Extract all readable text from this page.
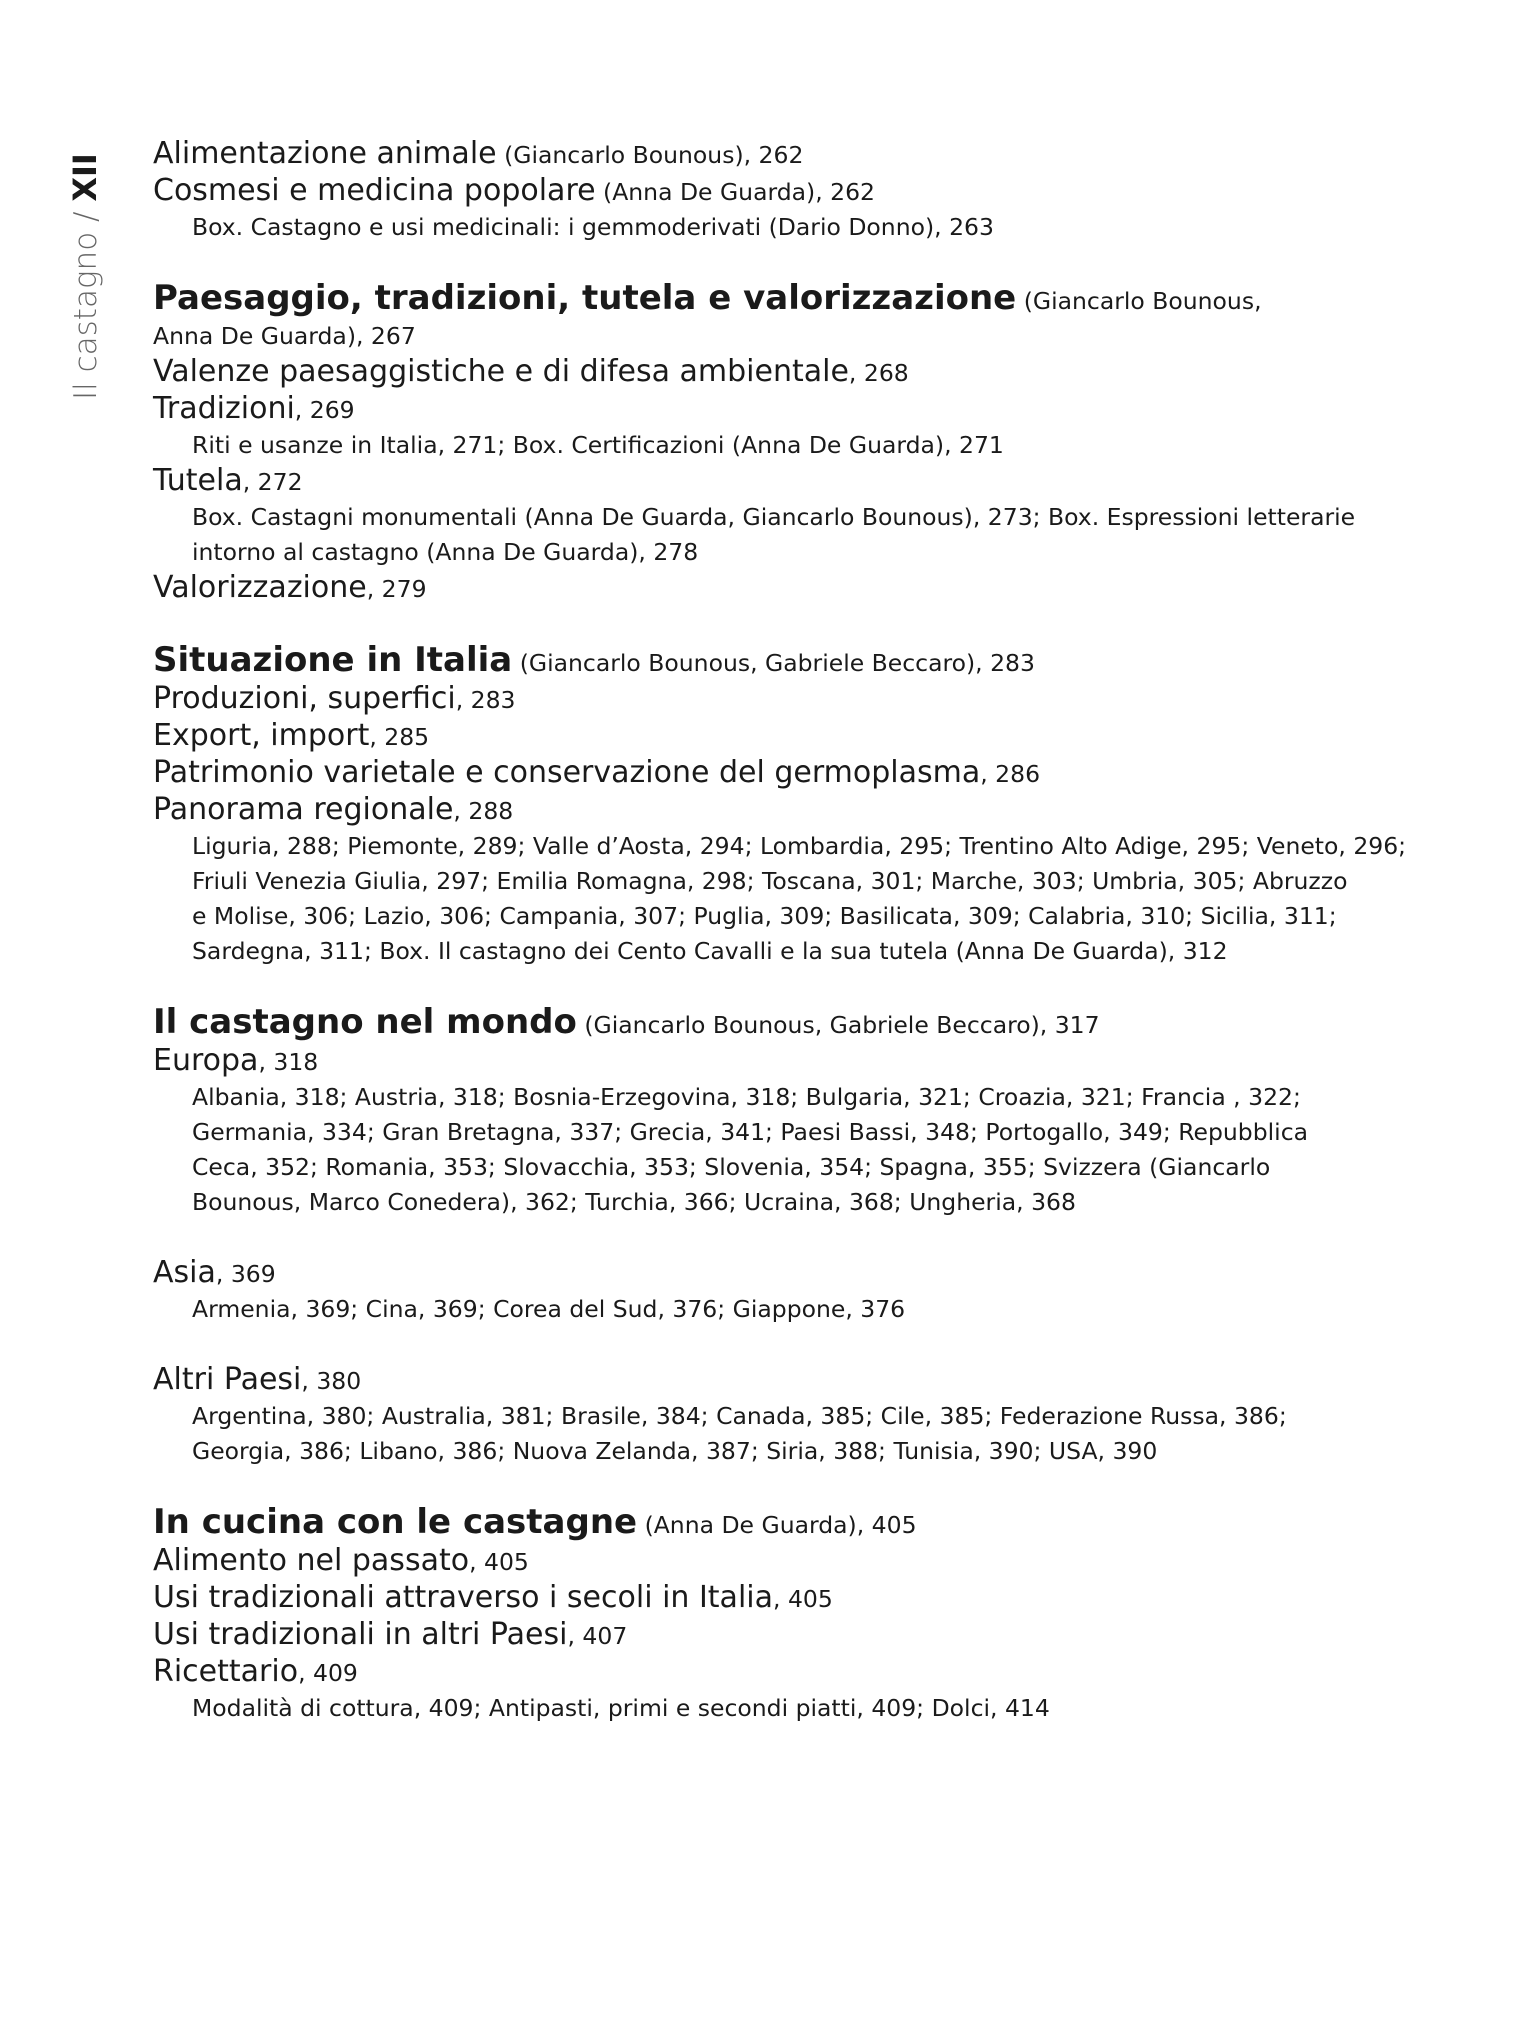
Il castagno / XII Alimentazione animale (Giancarlo Bounous), 262
Cosmesi e medicina popolare (Anna De Guarda), 262
Box. Castagno e usi medicinali: i gemmoderivati (Dario Donno), 263
Paesaggio, tradizioni, tutela e valorizzazione (Giancarlo Bounous,
Anna De Guarda), 267
Valenze paesaggistiche e di difesa ambientale, 268
Tradizioni, 269
Riti e usanze in Italia, 271; Box. Certificazioni (Anna De Guarda), 271
Tutela, 272
Box. Castagni monumentali (Anna De Guarda, Giancarlo Bounous), 273; Box. Espressioni letterarie
intorno al castagno (Anna De Guarda), 278
Valorizzazione, 279
Situazione in Italia (Giancarlo Bounous, Gabriele Beccaro), 283
Produzioni, superfici, 283
Export, import, 285
Patrimonio varietale e conservazione del germoplasma, 286
Panorama regionale, 288
Liguria, 288; Piemonte, 289; Valle d’Aosta, 294; Lombardia, 295; Trentino Alto Adige, 295; Veneto, 296;
Friuli Venezia Giulia, 297; Emilia Romagna, 298; Toscana, 301; Marche, 303; Umbria, 305; Abruzzo
e Molise, 306; Lazio, 306; Campania, 307; Puglia, 309; Basilicata, 309; Calabria, 310; Sicilia, 311;
Sardegna, 311; Box. Il castagno dei Cento Cavalli e la sua tutela (Anna De Guarda), 312
Il castagno nel mondo (Giancarlo Bounous, Gabriele Beccaro), 317
Europa, 318
Albania, 318; Austria, 318; Bosnia-Erzegovina, 318; Bulgaria, 321; Croazia, 321; Francia , 322;
Germania, 334; Gran Bretagna, 337; Grecia, 341; Paesi Bassi, 348; Portogallo, 349; Repubblica
Ceca, 352; Romania, 353; Slovacchia, 353; Slovenia, 354; Spagna, 355; Svizzera (Giancarlo
Bounous, Marco Conedera), 362; Turchia, 366; Ucraina, 368; Ungheria, 368
Asia, 369
Armenia, 369; Cina, 369; Corea del Sud, 376; Giappone, 376
Altri Paesi, 380
Argentina, 380; Australia, 381; Brasile, 384; Canada, 385; Cile, 385; Federazione Russa, 386;
Georgia, 386; Libano, 386; Nuova Zelanda, 387; Siria, 388; Tunisia, 390; USA, 390
In cucina con le castagne (Anna De Guarda), 405
Alimento nel passato, 405
Usi tradizionali attraverso i secoli in Italia, 405
Usi tradizionali in altri Paesi, 407
Ricettario, 409
Modalità di cottura, 409; Antipasti, primi e secondi piatti, 409; Dolci, 414
